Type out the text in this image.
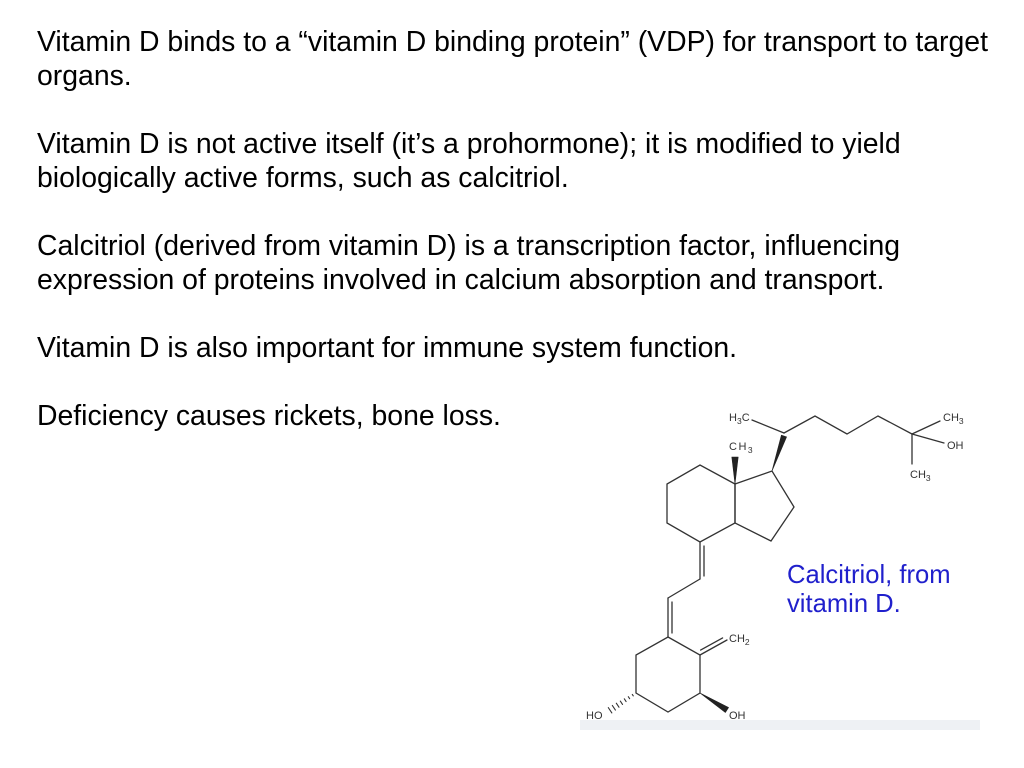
Vitamin D binds to a “vitamin D binding protein” (VDP) for transport to target organs.

Vitamin D is not active itself (it’s a prohormone); it is modified to yield biologically active forms, such as calcitriol.

Calcitriol (derived from vitamin D) is a transcription factor, influencing expression of proteins involved in calcium absorption and transport.

Vitamin D is also important for immune system function.

Deficiency causes rickets, bone loss.	$H_3C$	$CH_3$
OH
$CH_3$
$CH_3$
$CH_2$
HO	OH
Calcitriol, from vitamin D.
